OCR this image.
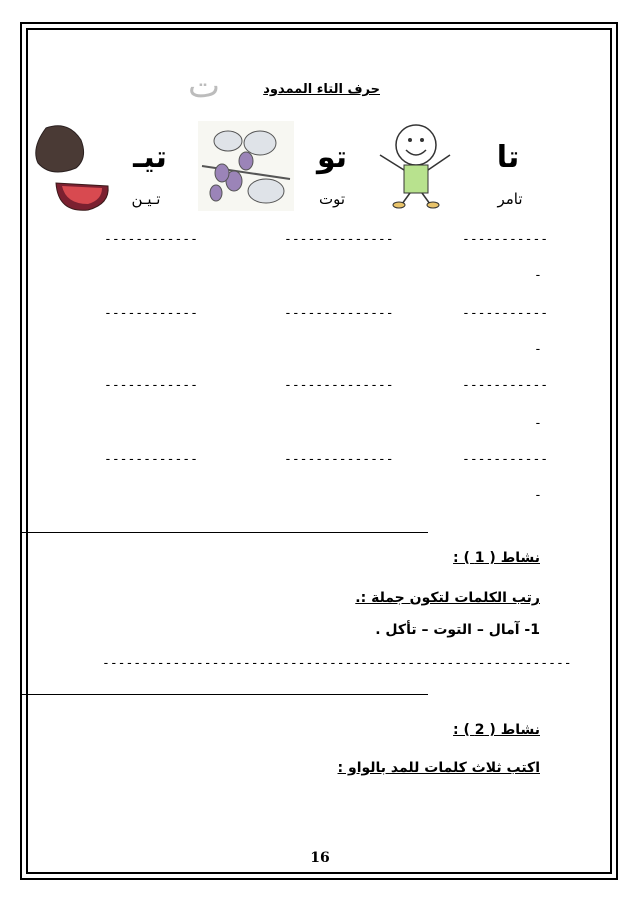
حرف التاء الممدود
ت
تا
تو
تيـ
تامر
توت
تـيـن
-----------
--------------
------------
-
-----------
--------------
------------
-
-----------
--------------
------------
-
-----------
--------------
------------
-
نشاط ( 1 ) :
رتب الكلمات لتكون جملة :.
1- آمال – التوت – تأكل .
------------------------------------------------------------
نشاط ( 2 ) :
اكتب ثلاث كلمات للمد بالواو :
16
